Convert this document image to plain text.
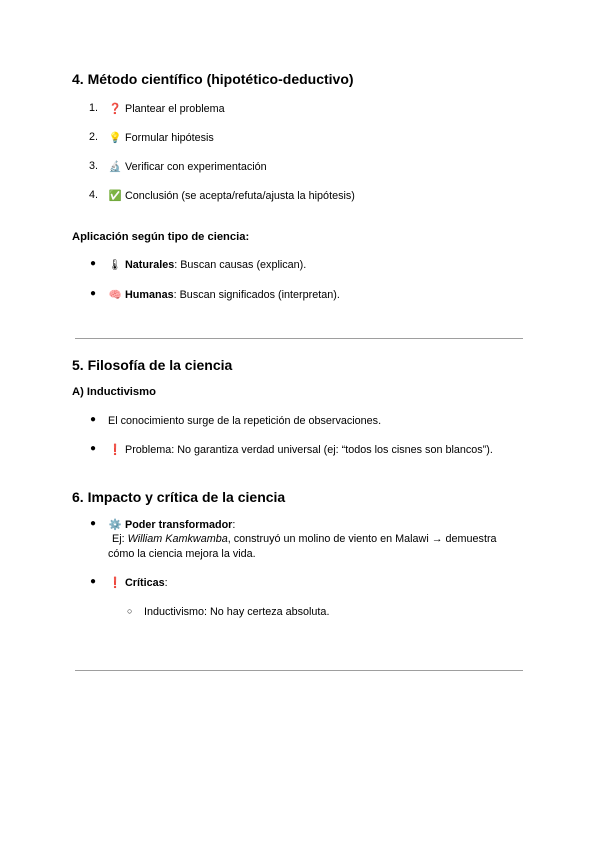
4. Método científico (hipotético-deductivo)
1. ❓ Plantear el problema
2. 💡 Formular hipótesis
3. 🔬 Verificar con experimentación
4. ✅ Conclusión (se acepta/refuta/ajusta la hipótesis)
Aplicación según tipo de ciencia:
● 🌡 Naturales: Buscan causas (explican).
● 🧠 Humanas: Buscan significados (interpretan).
5. Filosofía de la ciencia
A) Inductivismo
● El conocimiento surge de la repetición de observaciones.
● ❗ Problema: No garantiza verdad universal (ej: “todos los cisnes son blancos”).
6. Impacto y crítica de la ciencia
● ⚙️ Poder transformador:
Ej: William Kamkwamba, construyó un molino de viento en Malawi → demuestra
cómo la ciencia mejora la vida.
● ❗ Críticas:
○ Inductivismo: No hay certeza absoluta.
